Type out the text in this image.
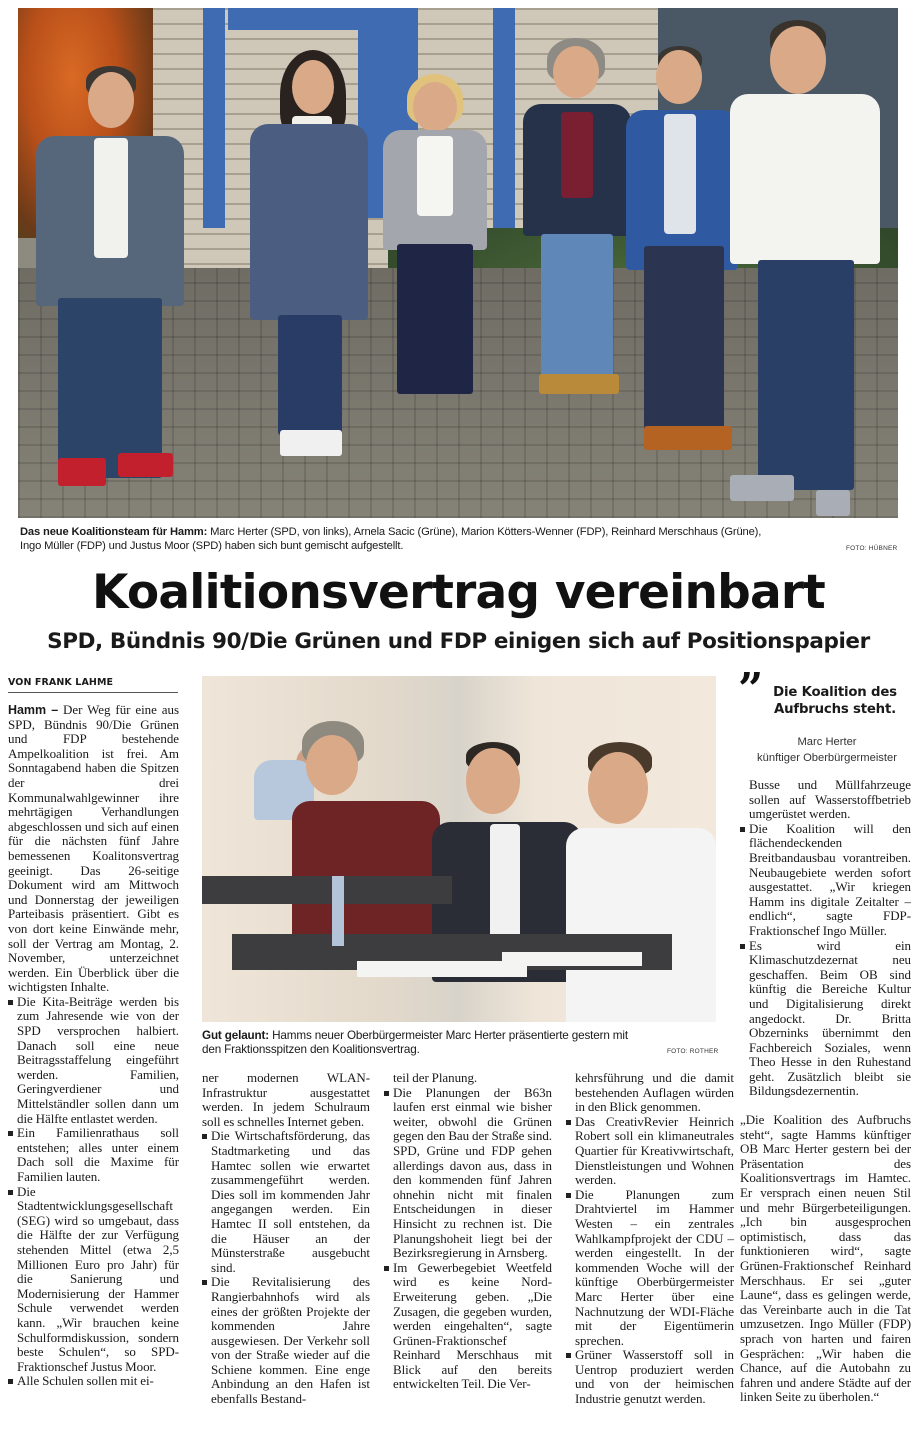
Das neue Koalitionsteam für Hamm: Marc Herter (SPD, von links), Arnela Sacic (Grüne), Marion Kötters-Wenner (FDP), Reinhard Merschhaus (Grüne),
Ingo Müller (FDP) und Justus Moor (SPD) haben sich bunt gemischt aufgestellt.	FOTO: HÜBNER
Koalitionsvertrag vereinbart
SPD, Bündnis 90/Die Grünen und FDP einigen sich auf Positionspapier
VON FRANK LAHME

Hamm – Der Weg für eine aus SPD, Bündnis 90/Die Grünen und FDP bestehende Ampelkoalition ist frei. Am Sonntagabend haben die Spitzen der drei Kommunalwahlgewinner ihre mehrtägigen Verhandlungen abgeschlossen und sich auf einen für die nächsten fünf Jahre bemessenen Koalitonsvertrag geeinigt. Das 26-seitige Dokument wird am Mittwoch und Donnerstag der jeweiligen Parteibasis präsentiert. Gibt es von dort keine Einwände mehr, soll der Vertrag am Montag, 2. November, unterzeichnet werden. Ein Überblick über die wichtigsten Inhalte.

Die Kita-Beiträge werden bis zum Jahresende wie von der SPD versprochen halbiert. Danach soll eine neue Beitragsstaffelung eingeführt werden. Familien, Geringverdiener und Mittelständler sollen dann um die Hälfte entlastet werden.

Ein Familienrathaus soll entstehen; alles unter einem Dach soll die Maxime für Familien lauten.

Die Stadtentwicklungsgesellschaft (SEG) wird so umgebaut, dass die Hälfte der zur Verfügung stehenden Mittel (etwa 2,5 Millionen Euro pro Jahr) für die Sanierung und Modernisierung der Hammer Schule verwendet werden kann. „Wir brauchen keine Schulformdiskussion, sondern beste Schulen“, so SPD-Fraktionschef Justus Moor.

Alle Schulen sollen mit ei-

Gut gelaunt: Hamms neuer Oberbürgermeister Marc Herter präsentierte gestern mit
den Fraktionsspitzen den Koalitionsvertrag.	FOTO: ROTHER

ner modernen WLAN-Infrastruktur ausgestattet werden. In jedem Schulraum soll es schnelles Internet geben.

Die Wirtschaftsförderung, das Stadtmarketing und das Hamtec sollen wie erwartet zusammengeführt werden. Dies soll im kommenden Jahr angegangen werden. Ein Hamtec II soll entstehen, da die Häuser an der Münsterstraße ausgebucht sind.

Die Revitalisierung des Rangierbahnhofs wird als eines der größten Projekte der kommenden Jahre ausgewiesen. Der Verkehr soll von der Straße wieder auf die Schiene kommen. Eine enge Anbindung an den Hafen ist ebenfalls Bestand-

teil der Planung.

Die Planungen der B63n laufen erst einmal wie bisher weiter, obwohl die Grünen gegen den Bau der Straße sind. SPD, Grüne und FDP gehen allerdings davon aus, dass in den kommenden fünf Jahren ohnehin nicht mit finalen Entscheidungen in dieser Hinsicht zu rechnen ist. Die Planungshoheit liegt bei der Bezirksregierung in Arnsberg.

Im Gewerbegebiet Weetfeld wird es keine Nord-Erweiterung geben. „Die Zusagen, die gegeben wurden, werden eingehalten“, sagte Grünen-Fraktionschef Reinhard Merschhaus mit Blick auf den bereits entwickelten Teil. Die Ver-

kehrsführung und die damit bestehenden Auflagen würden in den Blick genommen.

Das CreativRevier Heinrich Robert soll ein klimaneutrales Quartier für Kreativwirtschaft, Dienstleistungen und Wohnen werden.

Die Planungen zum Drahtviertel im Hammer Westen – ein zentrales Wahlkampfprojekt der CDU – werden eingestellt. In der kommenden Woche will der künftige Oberbürgermeister Marc Herter über eine Nachnutzung der WDI-Fläche mit der Eigentümerin sprechen.

Grüner Wasserstoff soll in Uentrop produziert werden und von der heimischen Industrie genutzt werden.

” Die Koalition des Aufbruchs steht.
Marc Herter
künftiger Oberbürgermeister

Busse und Müllfahrzeuge sollen auf Wasserstoffbetrieb umgerüstet werden.

Die Koalition will den flächendeckenden Breitbandausbau vorantreiben. Neubaugebiete werden sofort ausgestattet. „Wir kriegen Hamm ins digitale Zeitalter – endlich“, sagte FDP-Fraktionschef Ingo Müller.

Es wird ein Klimaschutzdezernat neu geschaffen. Beim OB sind künftig die Bereiche Kultur und Digitalisierung direkt angedockt. Dr. Britta Obzerninks übernimmt den Fachbereich Soziales, wenn Theo Hesse in den Ruhestand geht. Zusätzlich bleibt sie Bildungsdezernentin.

„Die Koalition des Aufbruchs steht“, sagte Hamms künftiger OB Marc Herter gestern bei der Präsentation des Koalitionsvertrags im Hamtec. Er versprach einen neuen Stil und mehr Bürgerbeteiligungen. „Ich bin ausgesprochen optimistisch, dass das funktionieren wird“, sagte Grünen-Fraktionschef Reinhard Merschhaus. Er sei „guter Laune“, dass es gelingen werde, das Vereinbarte auch in die Tat umzusetzen. Ingo Müller (FDP) sprach von harten und fairen Gesprächen: „Wir haben die Chance, auf die Autobahn zu fahren und andere Städte auf der linken Seite zu überholen.“
